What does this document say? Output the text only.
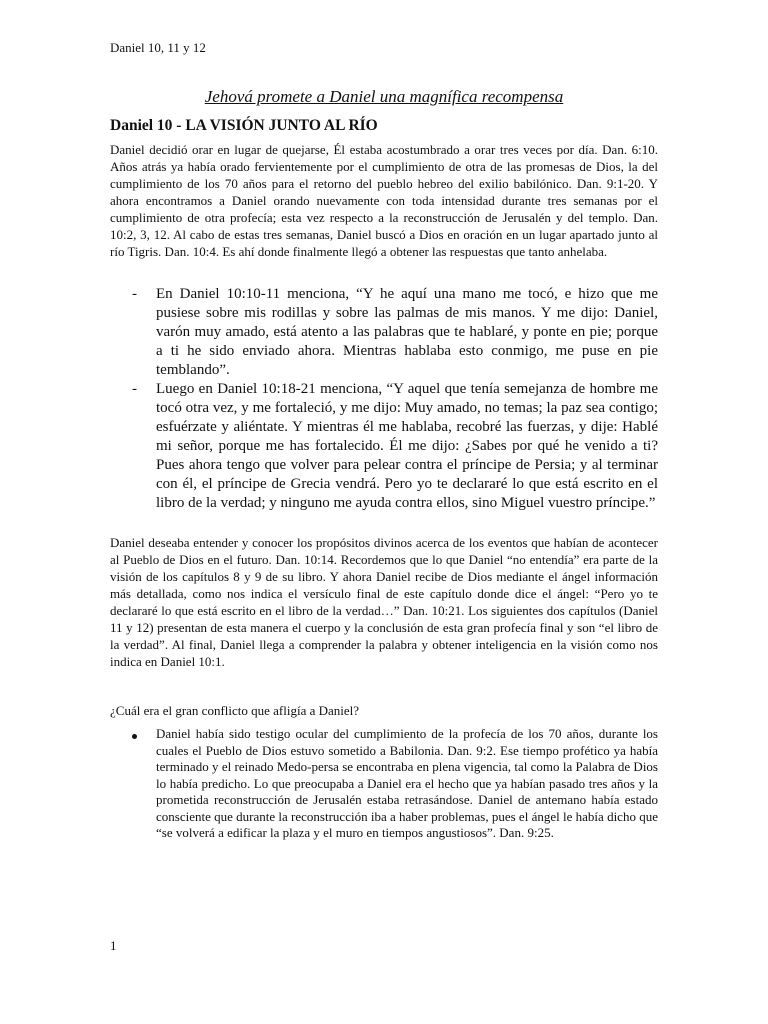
Daniel 10, 11 y 12
Jehová promete a Daniel una magnífica recompensa
Daniel 10 - LA VISIÓN JUNTO AL RÍO

Daniel decidió orar en lugar de quejarse, Él estaba acostumbrado a orar tres veces por día. Dan. 6:10. Años atrás ya había orado fervientemente por el cumplimiento de otra de las promesas de Dios, la del cumplimiento de los 70 años para el retorno del pueblo hebreo del exilio babilónico. Dan. 9:1-20. Y ahora encontramos a Daniel orando nuevamente con toda intensidad durante tres semanas por el cumplimiento de otra profecía; esta vez respecto a la reconstrucción de Jerusalén y del templo. Dan. 10:2, 3, 12. Al cabo de estas tres semanas, Daniel buscó a Dios en oración en un lugar apartado junto al río Tigris. Dan. 10:4. Es ahí donde finalmente llegó a obtener las respuestas que tanto anhelaba.

- En Daniel 10:10-11 menciona, “Y he aquí una mano me tocó, e hizo que me pusiese sobre mis rodillas y sobre las palmas de mis manos. Y me dijo: Daniel, varón muy amado, está atento a las palabras que te hablaré, y ponte en pie; porque a ti he sido enviado ahora. Mientras hablaba esto conmigo, me puse en pie temblando”.

- Luego en Daniel 10:18-21 menciona, “Y aquel que tenía semejanza de hombre me tocó otra vez, y me fortaleció, y me dijo: Muy amado, no temas; la paz sea contigo; esfuérzate y aliéntate. Y mientras él me hablaba, recobré las fuerzas, y dije: Hablé mi señor, porque me has fortalecido. Él me dijo: ¿Sabes por qué he venido a ti? Pues ahora tengo que volver para pelear contra el príncipe de Persia; y al terminar con él, el príncipe de Grecia vendrá. Pero yo te declararé lo que está escrito en el libro de la verdad; y ninguno me ayuda contra ellos, sino Miguel vuestro príncipe.”

Daniel deseaba entender y conocer los propósitos divinos acerca de los eventos que habían de acontecer al Pueblo de Dios en el futuro. Dan. 10:14. Recordemos que lo que Daniel “no entendía” era parte de la visión de los capítulos 8 y 9 de su libro. Y ahora Daniel recibe de Dios mediante el ángel información más detallada, como nos indica el versículo final de este capítulo donde dice el ángel: “Pero yo te declararé lo que está escrito en el libro de la verdad…” Dan. 10:21. Los siguientes dos capítulos (Daniel 11 y 12) presentan de esta manera el cuerpo y la conclusión de esta gran profecía final y son “el libro de la verdad”. Al final, Daniel llega a comprender la palabra y obtener inteligencia en la visión como nos indica en Daniel 10:1.

¿Cuál era el gran conflicto que afligía a Daniel?

Daniel había sido testigo ocular del cumplimiento de la profecía de los 70 años, durante los cuales el Pueblo de Dios estuvo sometido a Babilonia. Dan. 9:2. Ese tiempo profético ya había terminado y el reinado Medo-persa se encontraba en plena vigencia, tal como la Palabra de Dios lo había predicho. Lo que preocupaba a Daniel era el hecho que ya habían pasado tres años y la prometida reconstrucción de Jerusalén estaba retrasándose. Daniel de antemano había estado consciente que durante la reconstrucción iba a haber problemas, pues el ángel le había dicho que “se volverá a edificar la plaza y el muro en tiempos angustiosos”. Dan. 9:25.

1
